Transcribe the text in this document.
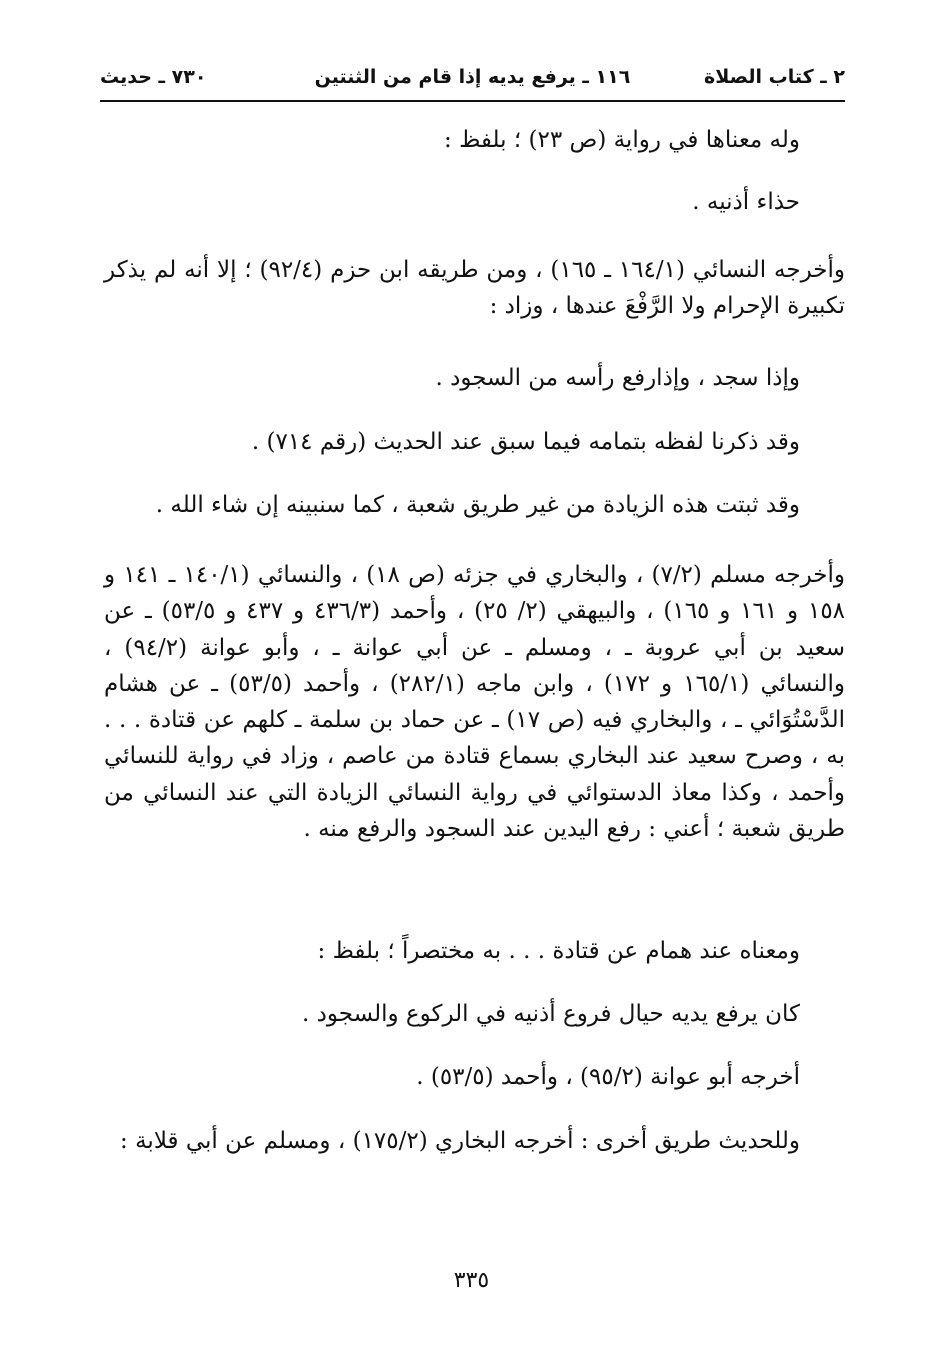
٢ ـ كتاب الصلاة
١١٦ ـ يرفع يديه إذا قام من الثنتين
٧٣٠ ـ حديث

وله معناها في رواية (ص ٢٣) ؛ بلفظ :

حذاء أذنيه .

وأخرجه النسائي (١٦٤/١ ـ ١٦٥) ، ومن طريقه ابن حزم (٩٢/٤) ؛ إلا أنه لم يذكر تكبيرة الإحرام ولا الرَّفْعَ عندها ، وزاد :

وإذا سجد ، وإذارفع رأسه من السجود .

وقد ذكرنا لفظه بتمامه فيما سبق عند الحديث (رقم ٧١٤) .

وقد ثبتت هذه الزيادة من غير طريق شعبة ، كما سنبينه إن شاء الله .

وأخرجه مسلم (٧/٢) ، والبخاري في جزئه (ص ١٨) ، والنسائي (١٤٠/١ ـ ١٤١ و ١٥٨ و ١٦١ و ١٦٥) ، والبيهقي (٢/ ٢٥) ، وأحمد (٤٣٦/٣ و ٤٣٧ و ٥٣/٥) ـ عن سعيد بن أبي عروبة ـ ، ومسلم ـ عن أبي عوانة ـ ، وأبو عوانة (٩٤/٢) ، والنسائي (١٦٥/١ و ١٧٢) ، وابن ماجه (٢٨٢/١) ، وأحمد (٥٣/٥) ـ عن هشام الدَّسْتُوَائي ـ ، والبخاري فيه (ص ١٧) ـ عن حماد بن سلمة ـ كلهم عن قتادة . . . به ، وصرح سعيد عند البخاري بسماع قتادة من عاصم ، وزاد في رواية للنسائي وأحمد ، وكذا معاذ الدستوائي في رواية النسائي الزيادة التي عند النسائي من طريق شعبة ؛ أعني : رفع اليدين عند السجود والرفع منه .

ومعناه عند همام عن قتادة . . . به مختصراً ؛ بلفظ :

كان يرفع يديه حيال فروع أذنيه في الركوع والسجود .

أخرجه أبو عوانة (٩٥/٢) ، وأحمد (٥٣/٥) .

وللحديث طريق أخرى : أخرجه البخاري (١٧٥/٢) ، ومسلم عن أبي قلابة :

٣٣٥
